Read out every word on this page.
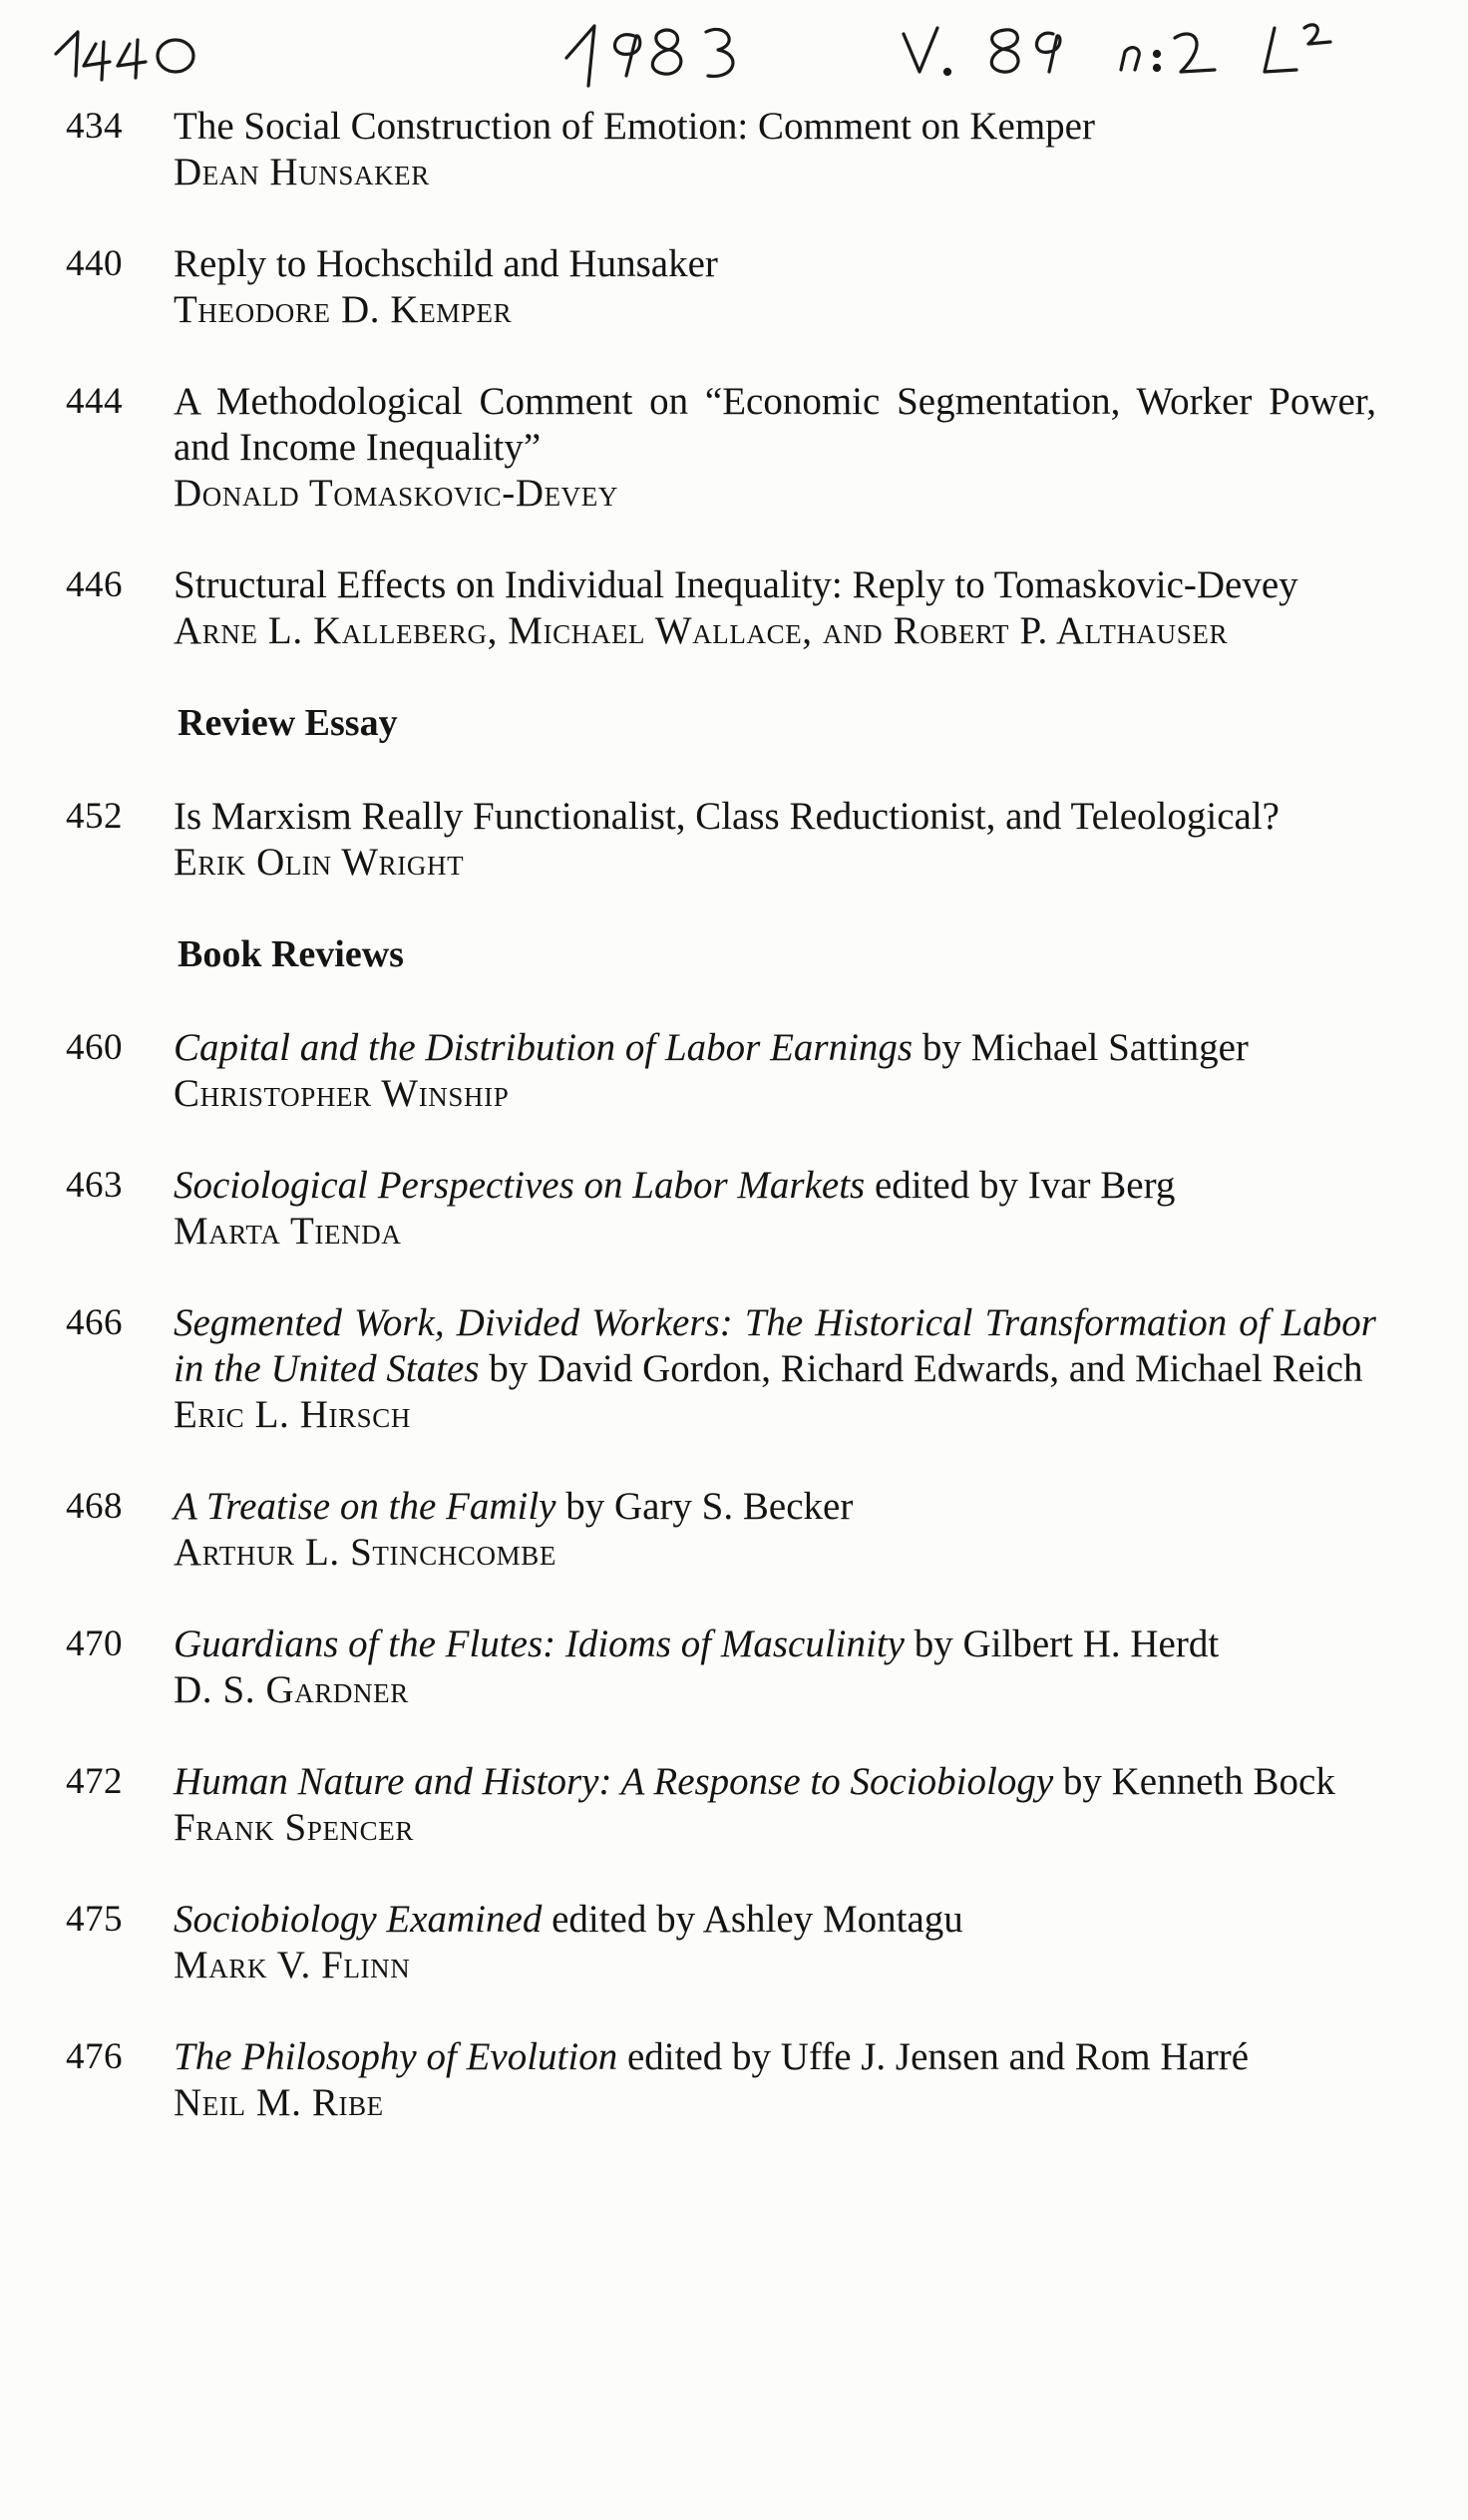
434	The Social Construction of Emotion: Comment on Kemper
Dean Hunsaker
440	Reply to Hochschild and Hunsaker
Theodore D. Kemper
444	A Methodological Comment on “Economic Segmentation, Worker Power, and Income Inequality”
Donald Tomaskovic-Devey
446	Structural Effects on Individual Inequality: Reply to Tomaskovic-Devey
Arne L. Kalleberg, Michael Wallace, and Robert P. Althauser
Review Essay
452	Is Marxism Really Functionalist, Class Reductionist, and Teleological?
Erik Olin Wright
Book Reviews
460	Capital and the Distribution of Labor Earnings by Michael Sattinger
Christopher Winship
463	Sociological Perspectives on Labor Markets edited by Ivar Berg
Marta Tienda
466	Segmented Work, Divided Workers: The Historical Transformation of Labor in the United States by David Gordon, Richard Edwards, and Michael Reich
Eric L. Hirsch
468	A Treatise on the Family by Gary S. Becker
Arthur L. Stinchcombe
470	Guardians of the Flutes: Idioms of Masculinity by Gilbert H. Herdt
D. S. Gardner
472	Human Nature and History: A Response to Sociobiology by Kenneth Bock
Frank Spencer
475	Sociobiology Examined edited by Ashley Montagu
Mark V. Flinn
476	The Philosophy of Evolution edited by Uffe J. Jensen and Rom Harré
Neil M. Ribe
